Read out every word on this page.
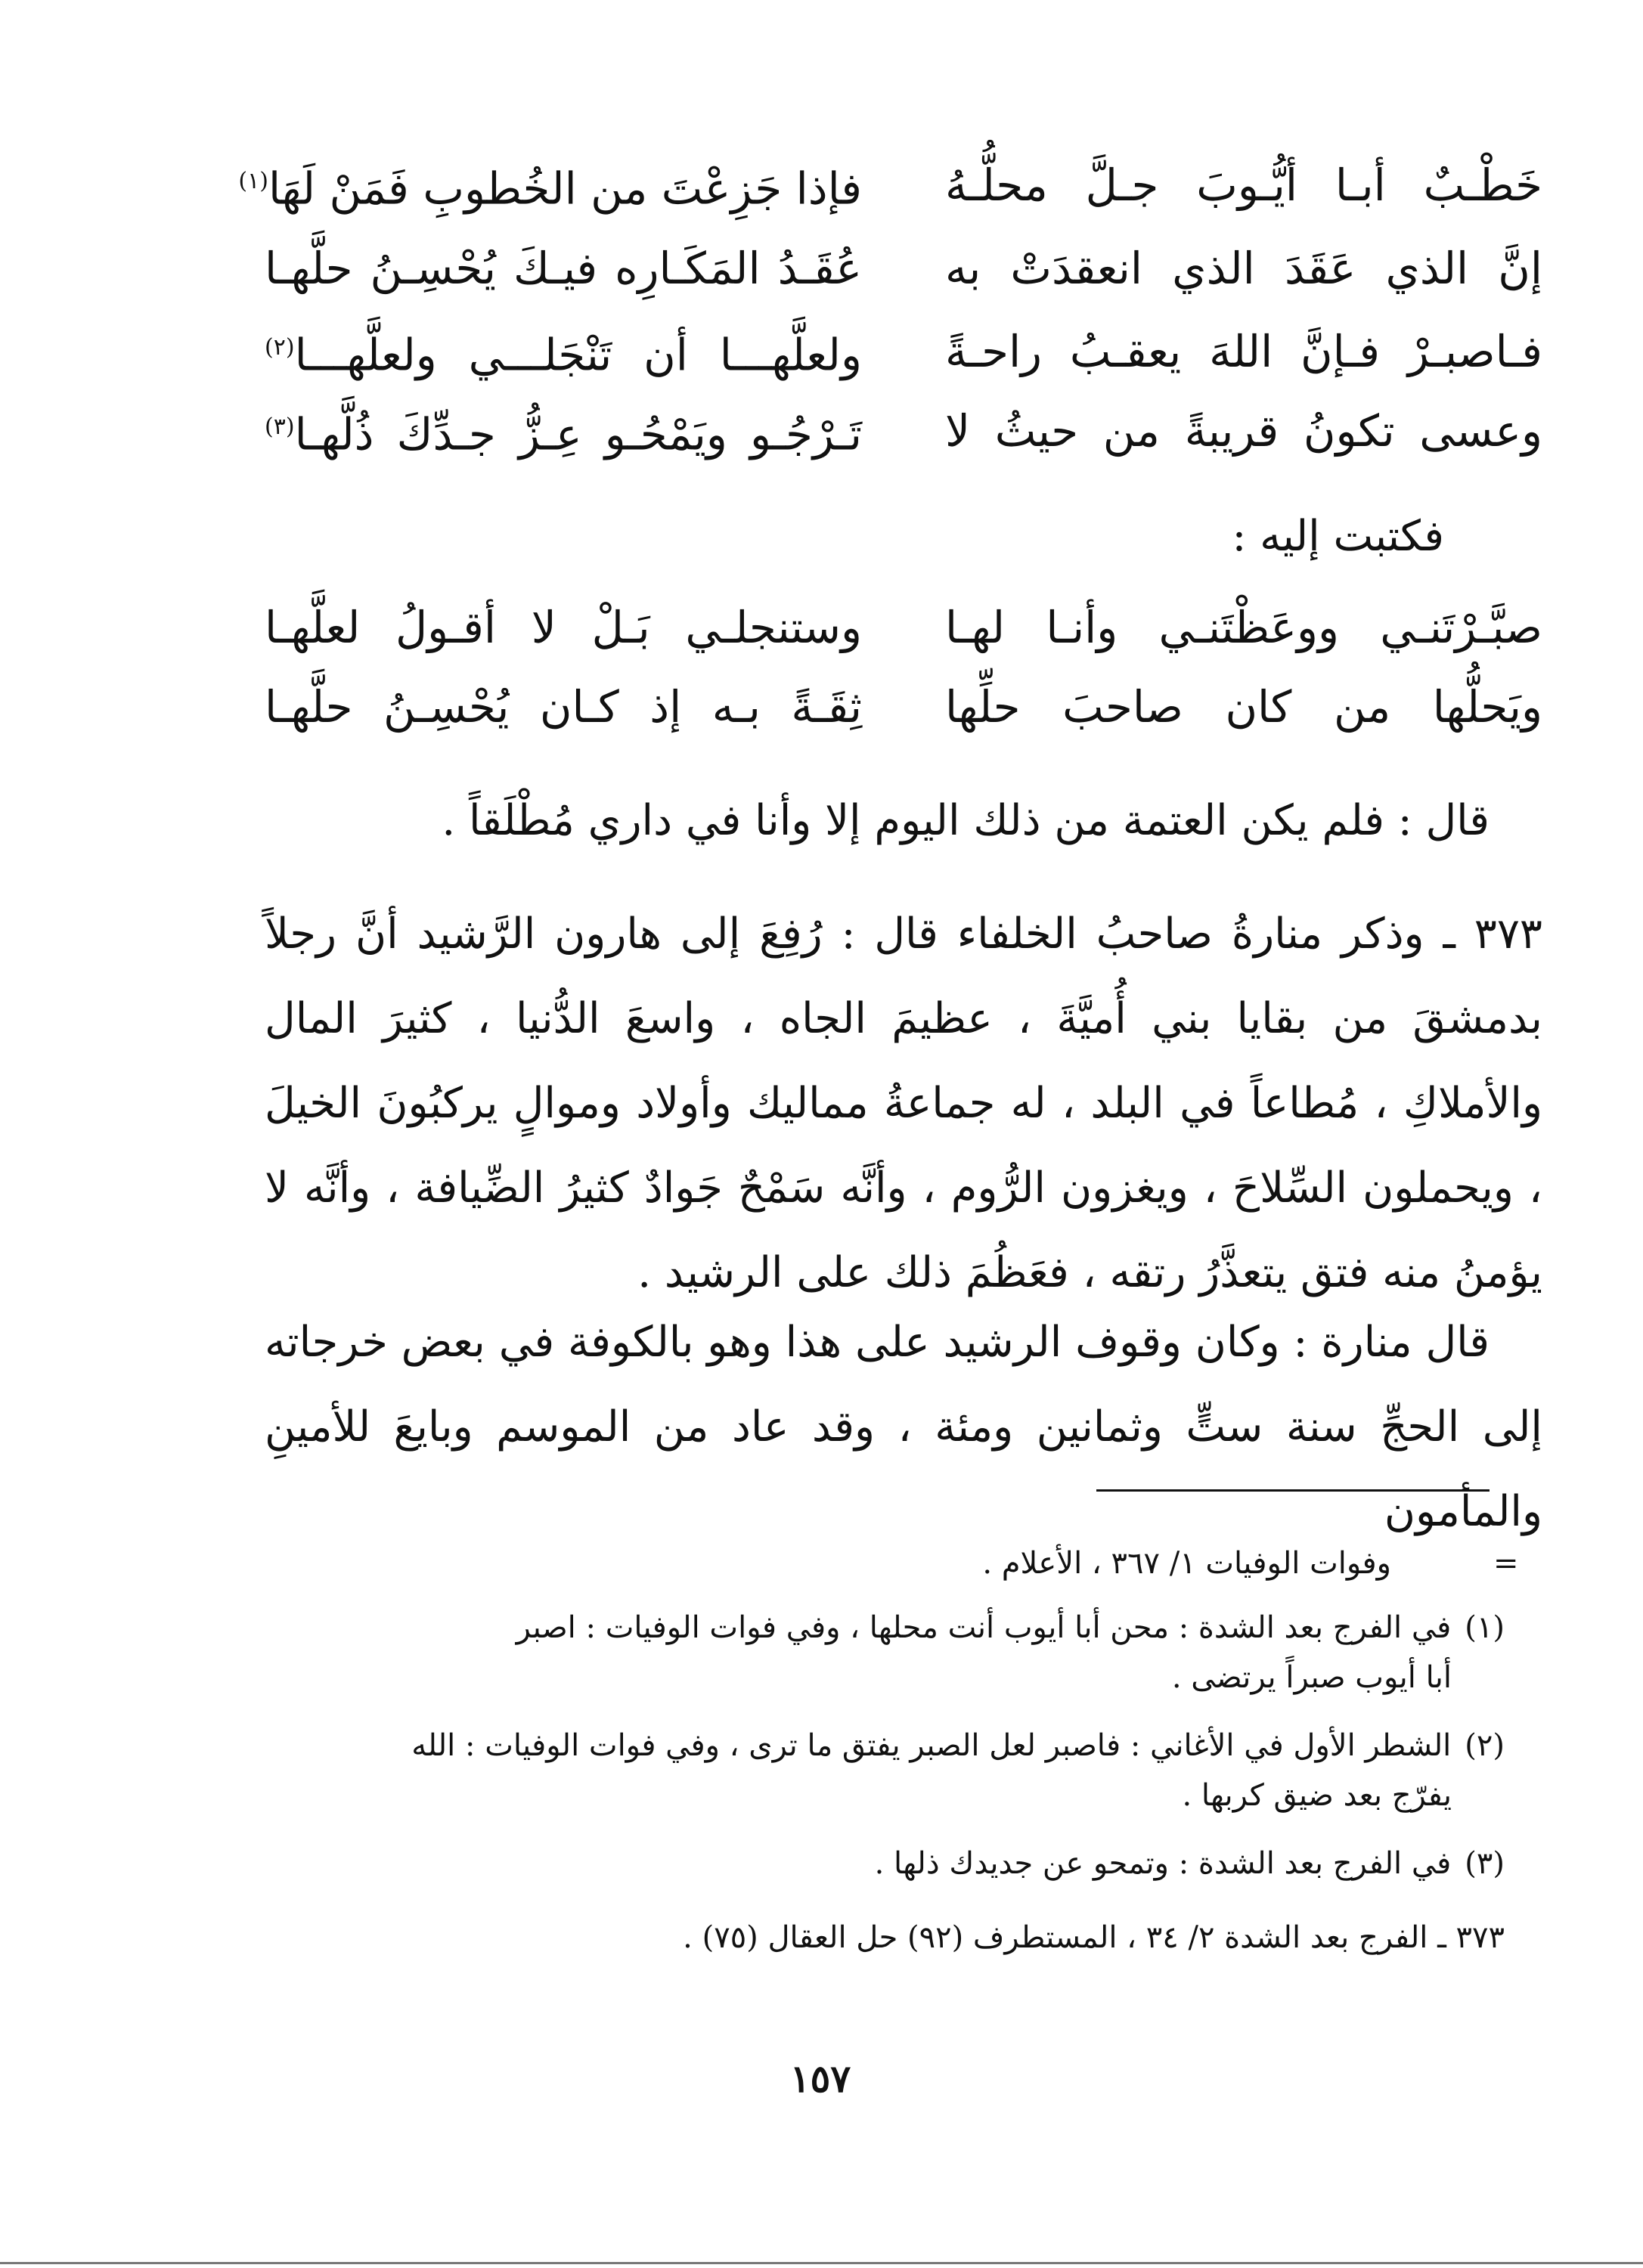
خَطْـبٌ أبـا أيُّـوبَ جـلَّ محلُّـهُ
فإذا جَزِعْتَ من الخُطوبِ فَمَنْ لَهَا$^{(١)}$
إنَّ الذي عَقَدَ الذي انعقدَتْ به
عُقَـدُ المَكَـارِه فيـكَ يُحْسِـنُ حلَّهـا
فـاصبـرْ فـإنَّ اللهَ يعقـبُ راحـةً
ولعلَّهـــا أن تَنْجَلـــي ولعلَّهـــا$^{(٢)}$
وعسى تكونُ قريبةً من حيثُ لا
تَـرْجُـو ويَمْحُـو عِـزُّ جـدِّكَ ذُلَّهـا$^{(٣)}$
فكتبت إليه :
صبَّـرْتَنـي ووعَظْتَنـي وأنـا لهـا
وستنجلـي بَـلْ لا أقـولُ لعلَّهـا
ويَحلُّها من كان صاحبَ حلِّها
ثِقَـةً بـه إذ كـان يُحْسِـنُ حلَّهـا
قال : فلم يكن العتمة من ذلك اليوم إلا وأنا في داري مُطْلَقاً .
٣٧٣ ـ وذكر منارةُ صاحبُ الخلفاء قال : رُفِعَ إلى هارون الرَّشيد أنَّ رجلاً بدمشقَ من بقايا بني أُميَّةَ ، عظيمَ الجاه ، واسعَ الدُّنيا ، كثيرَ المال والأملاكِ ، مُطاعاً في البلد ، له جماعةُ مماليك وأولاد وموالٍ يركبُونَ الخيلَ ، ويحملون السِّلاحَ ، ويغزون الرُّوم ، وأنَّه سَمْحٌ جَوادٌ كثيرُ الضِّيافة ، وأنَّه لا يؤمنُ منه فتق يتعذَّرُ رتقه ، فعَظُمَ ذلك على الرشيد .
قال منارة : وكان وقوف الرشيد على هذا وهو بالكوفة في بعض خرجاته إلى الحجِّ سنة ستٍّ وثمانين ومئة ، وقد عاد من الموسم وبايعَ للأمينِ والمأمون
=
وفوات الوفيات ١/ ٣٦٧ ، الأعلام .
(١)في الفرج بعد الشدة : محن أبا أيوب أنت محلها ، وفي فوات الوفيات : اصبر
أبا أيوب صبراً يرتضى .
(٢)الشطر الأول في الأغاني : فاصبر لعل الصبر يفتق ما ترى ، وفي فوات الوفيات : الله
يفرّج بعد ضيق كربها .
(٣)في الفرج بعد الشدة : وتمحو عن جديدك ذلها .
٣٧٣ ـ الفرج بعد الشدة ٢/ ٣٤ ، المستطرف (٩٢) حل العقال (٧٥) .
١٥٧
